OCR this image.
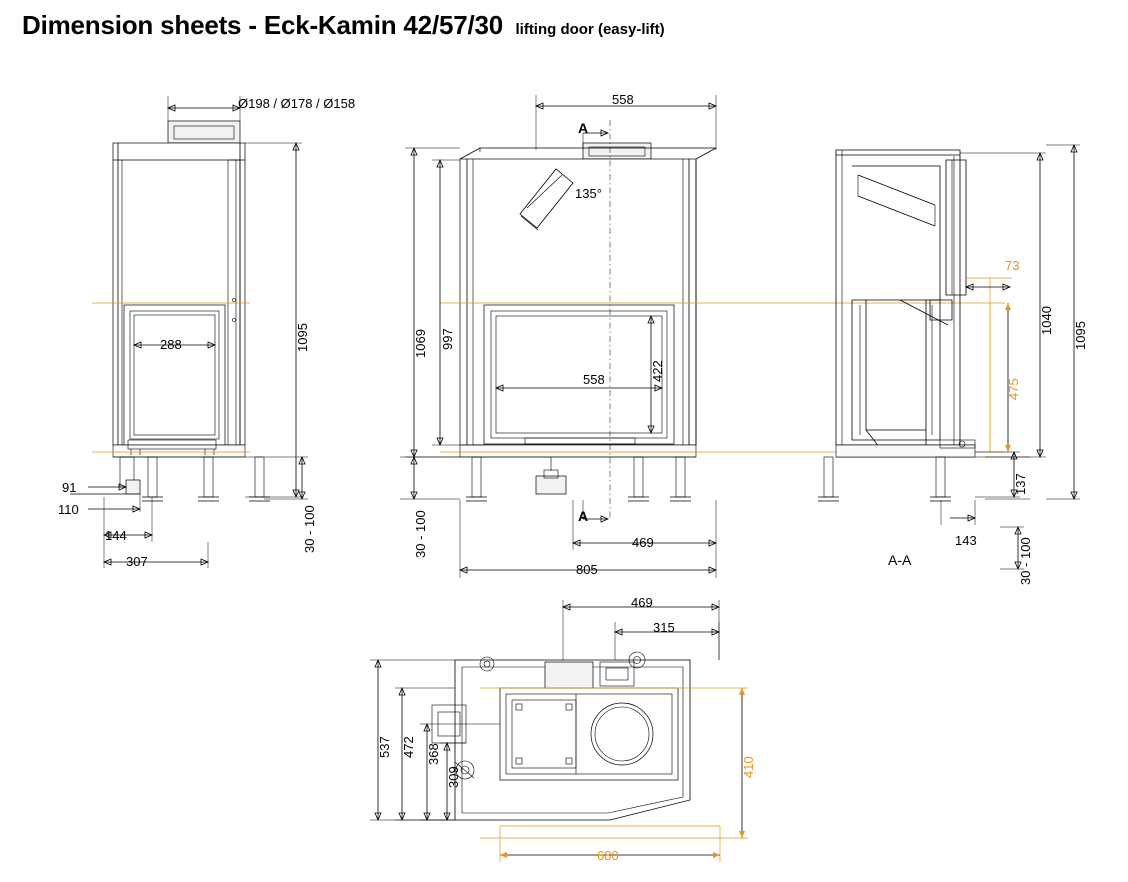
Dimension sheets - Eck-Kamin 42/57/30 lifting door (easy-lift)
Ø198 / Ø178 / Ø158
1095
288
91
110
144
307
30 - 100
558
135°
1069 997
422
558
30 - 100	469
805
A
A
73
1040
1095
475
137
143	30 - 100
A-A
469
315
537 472 368
309	410
680
